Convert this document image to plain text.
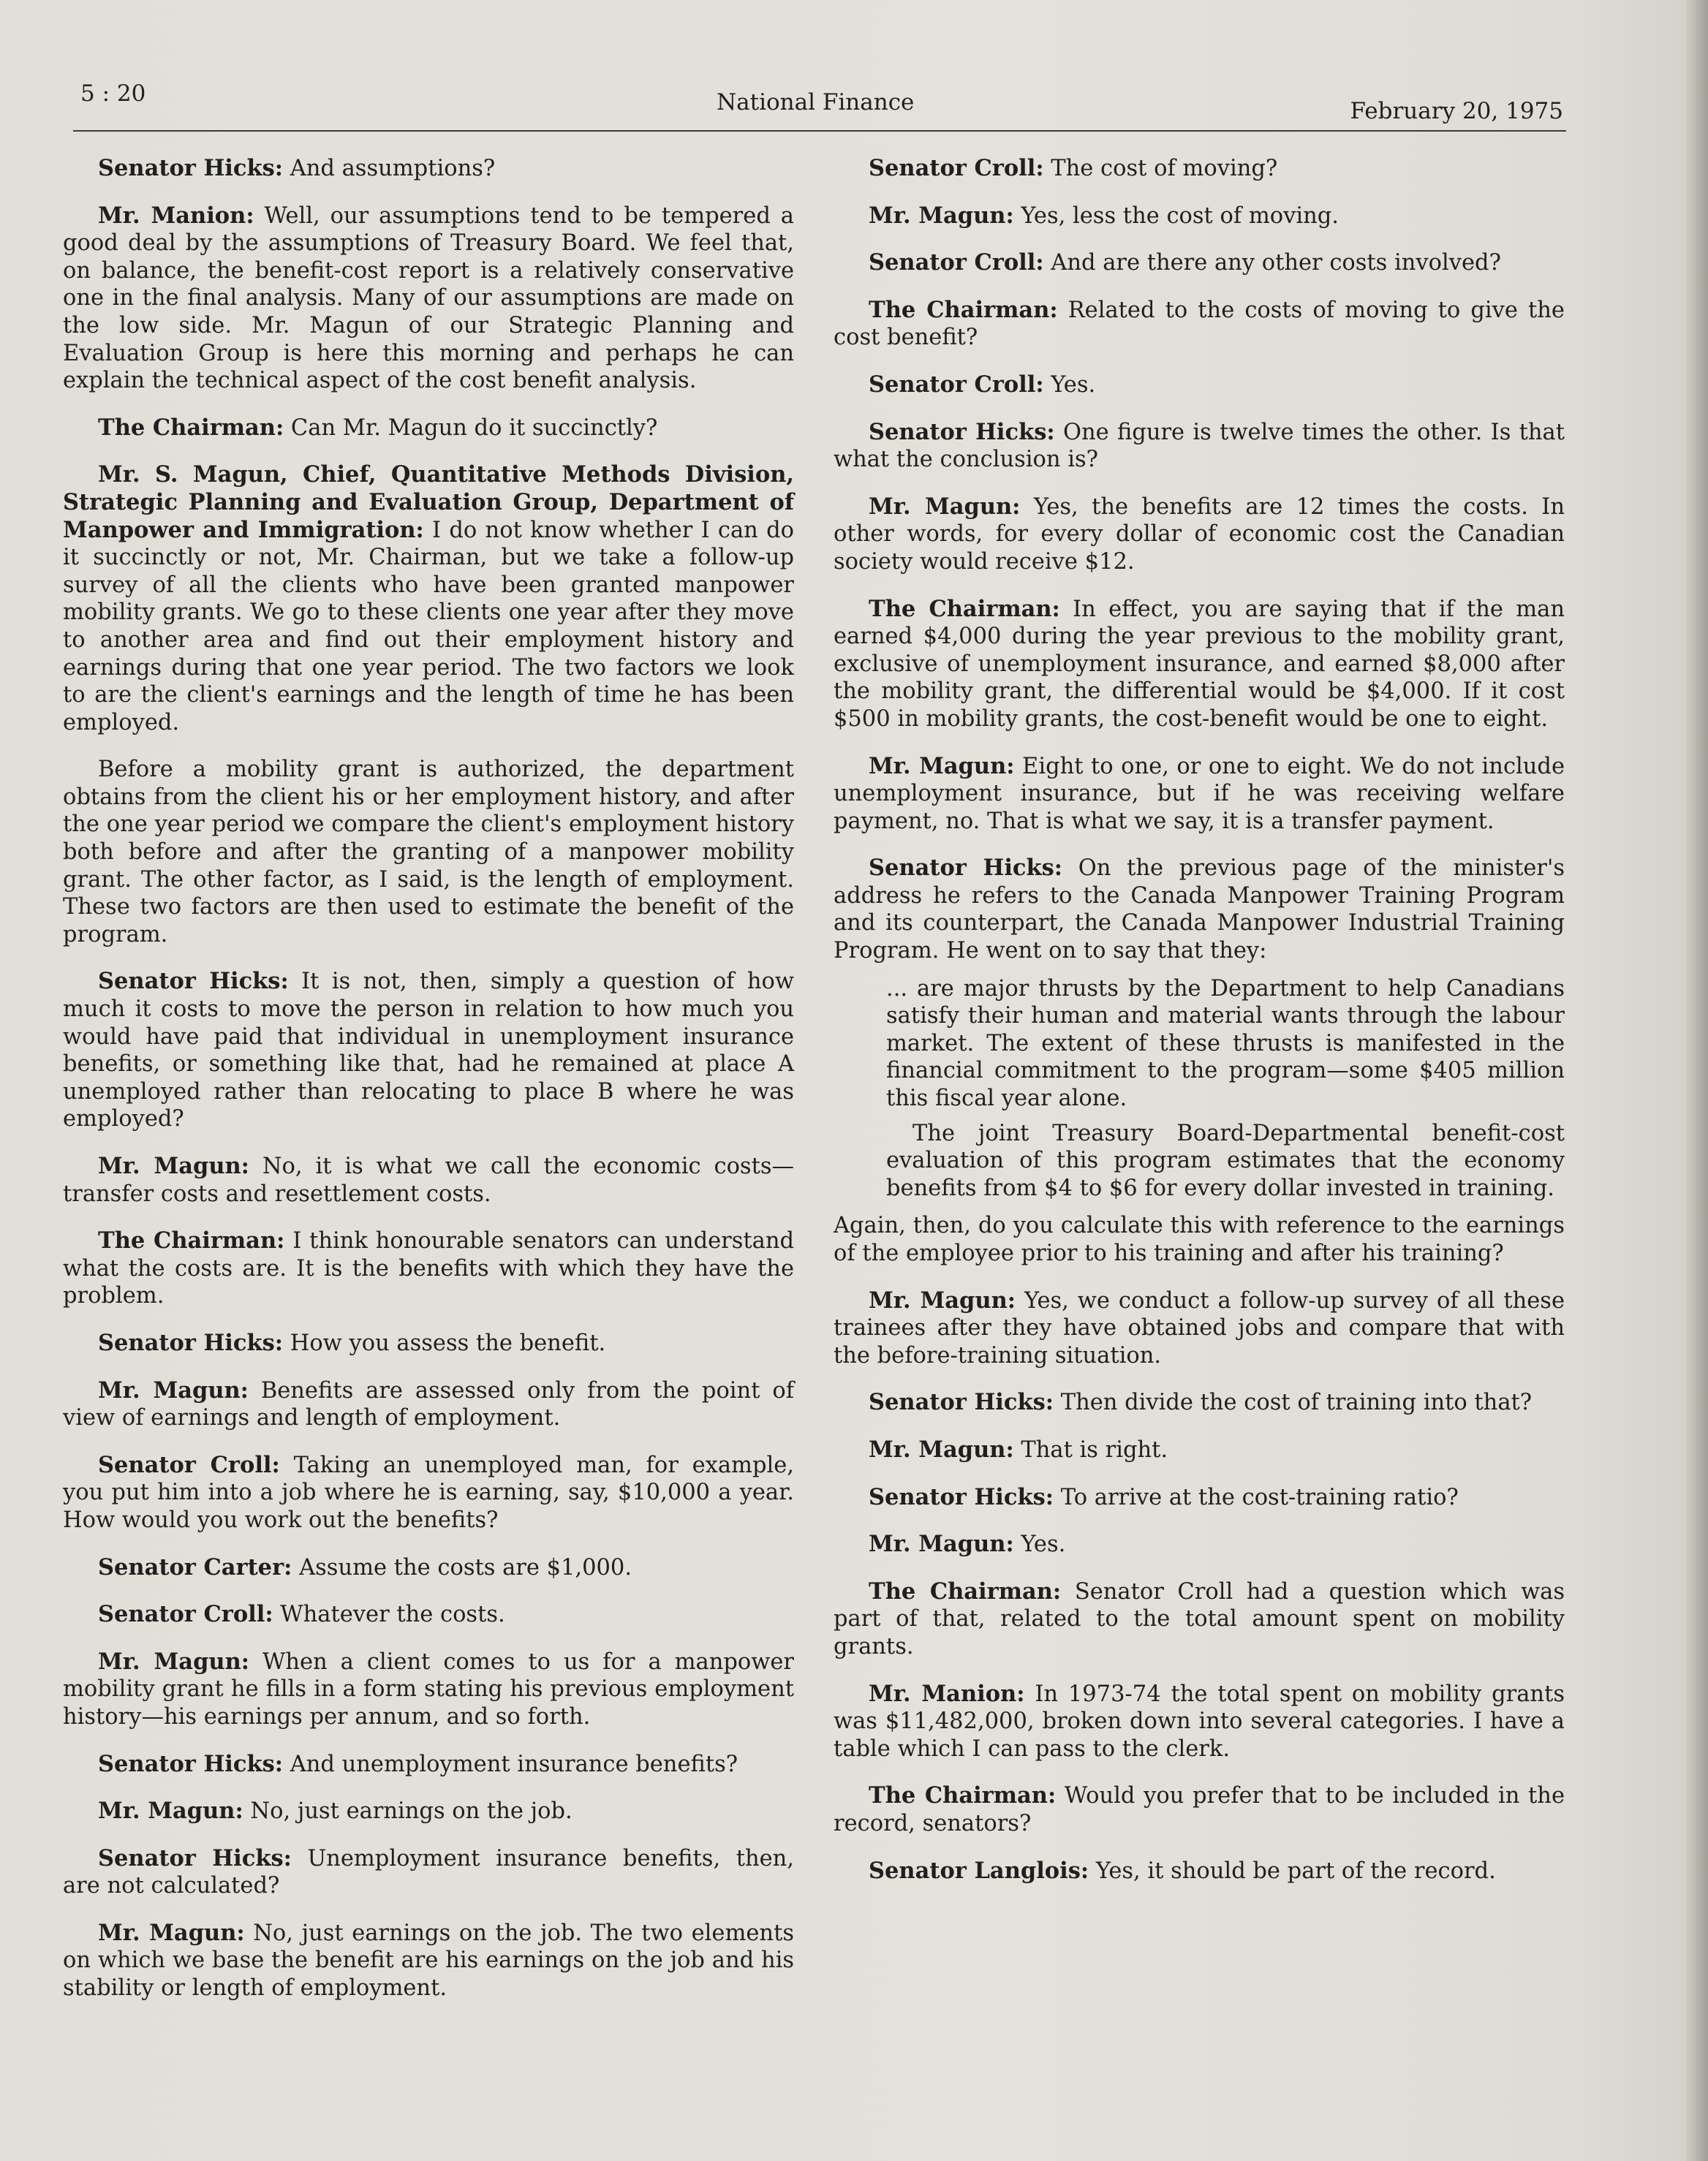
5 : 20	National Finance	February 20, 1975

Senator Hicks: And assumptions?

Mr. Manion: Well, our assumptions tend to be tempered a good deal by the assumptions of Treasury Board. We feel that, on balance, the benefit-cost report is a relatively conservative one in the final analysis. Many of our assumptions are made on the low side. Mr. Magun of our Strategic Planning and Evaluation Group is here this morning and perhaps he can explain the technical aspect of the cost benefit analysis.

The Chairman: Can Mr. Magun do it succinctly?

Mr. S. Magun, Chief, Quantitative Methods Division, Strategic Planning and Evaluation Group, Department of Manpower and Immigration: I do not know whether I can do it succinctly or not, Mr. Chairman, but we take a follow-up survey of all the clients who have been granted manpower mobility grants. We go to these clients one year after they move to another area and find out their employment history and earnings during that one year period. The two factors we look to are the client's earnings and the length of time he has been employed.

Before a mobility grant is authorized, the department obtains from the client his or her employment history, and after the one year period we compare the client's employment history both before and after the granting of a manpower mobility grant. The other factor, as I said, is the length of employment. These two factors are then used to estimate the benefit of the program.

Senator Hicks: It is not, then, simply a question of how much it costs to move the person in relation to how much you would have paid that individual in unemployment insurance benefits, or something like that, had he remained at place A unemployed rather than relocating to place B where he was employed?

Mr. Magun: No, it is what we call the economic costs—transfer costs and resettlement costs.

The Chairman: I think honourable senators can understand what the costs are. It is the benefits with which they have the problem.

Senator Hicks: How you assess the benefit.

Mr. Magun: Benefits are assessed only from the point of view of earnings and length of employment.

Senator Croll: Taking an unemployed man, for example, you put him into a job where he is earning, say, $10,000 a year. How would you work out the benefits?

Senator Carter: Assume the costs are $1,000.

Senator Croll: Whatever the costs.

Mr. Magun: When a client comes to us for a manpower mobility grant he fills in a form stating his previous employment history—his earnings per annum, and so forth.

Senator Hicks: And unemployment insurance benefits?

Mr. Magun: No, just earnings on the job.

Senator Hicks: Unemployment insurance benefits, then, are not calculated?

Mr. Magun: No, just earnings on the job. The two elements on which we base the benefit are his earnings on the job and his stability or length of employment.

Senator Croll: The cost of moving?

Mr. Magun: Yes, less the cost of moving.

Senator Croll: And are there any other costs involved?

The Chairman: Related to the costs of moving to give the cost benefit?

Senator Croll: Yes.

Senator Hicks: One figure is twelve times the other. Is that what the conclusion is?

Mr. Magun: Yes, the benefits are 12 times the costs. In other words, for every dollar of economic cost the Canadian society would receive $12.

The Chairman: In effect, you are saying that if the man earned $4,000 during the year previous to the mobility grant, exclusive of unemployment insurance, and earned $8,000 after the mobility grant, the differential would be $4,000. If it cost $500 in mobility grants, the cost-benefit would be one to eight.

Mr. Magun: Eight to one, or one to eight. We do not include unemployment insurance, but if he was receiving welfare payment, no. That is what we say, it is a transfer payment.

Senator Hicks: On the previous page of the minister's address he refers to the Canada Manpower Training Program and its counterpart, the Canada Manpower Industrial Training Program. He went on to say that they:

... are major thrusts by the Department to help Canadians satisfy their human and material wants through the labour market. The extent of these thrusts is manifested in the financial commitment to the program—some $405 million this fiscal year alone.

The joint Treasury Board-Departmental benefit-cost evaluation of this program estimates that the economy benefits from $4 to $6 for every dollar invested in training.

Again, then, do you calculate this with reference to the earnings of the employee prior to his training and after his training?

Mr. Magun: Yes, we conduct a follow-up survey of all these trainees after they have obtained jobs and compare that with the before-training situation.

Senator Hicks: Then divide the cost of training into that?

Mr. Magun: That is right.

Senator Hicks: To arrive at the cost-training ratio?

Mr. Magun: Yes.

The Chairman: Senator Croll had a question which was part of that, related to the total amount spent on mobility grants.

Mr. Manion: In 1973-74 the total spent on mobility grants was $11,482,000, broken down into several categories. I have a table which I can pass to the clerk.

The Chairman: Would you prefer that to be included in the record, senators?

Senator Langlois: Yes, it should be part of the record.
